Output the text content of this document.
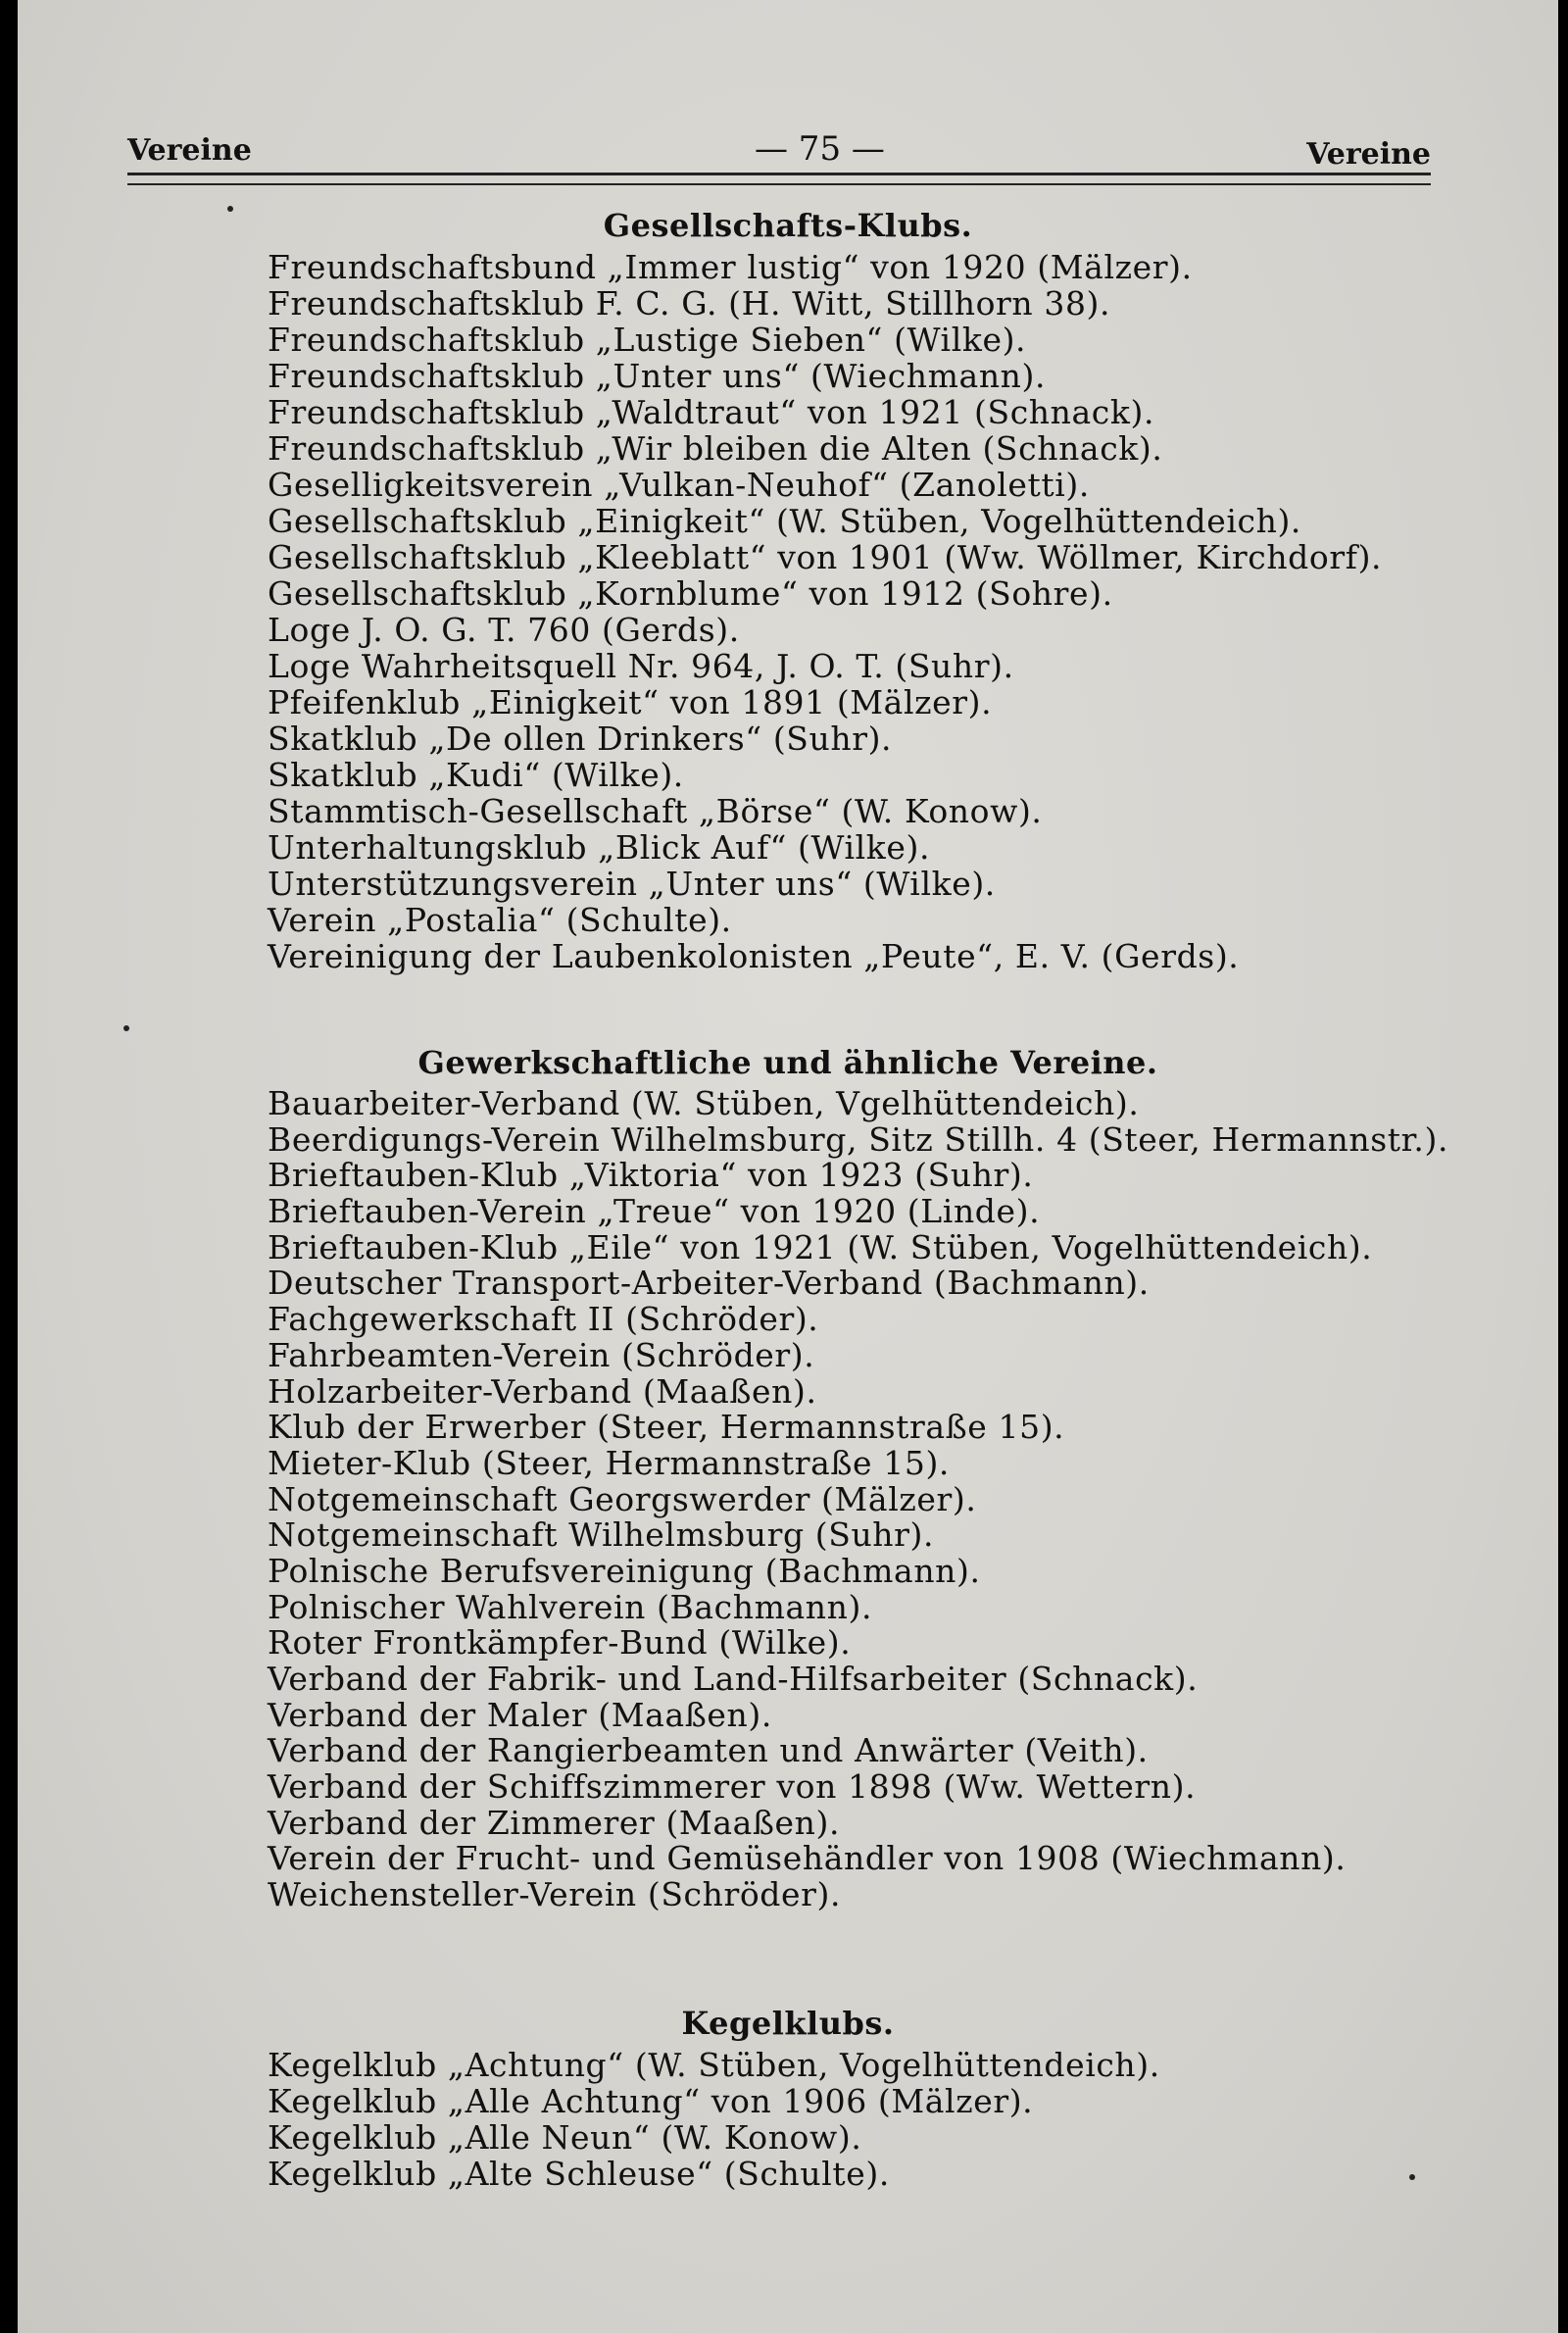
Vereine	— 75 —	Vereine
Gesellschafts-Klubs.
Freundschaftsbund „Immer lustig“ von 1920 (Mälzer).
Freundschaftsklub F. C. G. (H. Witt, Stillhorn 38).
Freundschaftsklub „Lustige Sieben“ (Wilke).
Freundschaftsklub „Unter uns“ (Wiechmann).
Freundschaftsklub „Waldtraut“ von 1921 (Schnack).
Freundschaftsklub „Wir bleiben die Alten (Schnack).
Geselligkeitsverein „Vulkan-Neuhof“ (Zanoletti).
Gesellschaftsklub „Einigkeit“ (W. Stüben, Vogelhüttendeich).
Gesellschaftsklub „Kleeblatt“ von 1901 (Ww. Wöllmer, Kirchdorf).
Gesellschaftsklub „Kornblume“ von 1912 (Sohre).
Loge J. O. G. T. 760 (Gerds).
Loge Wahrheitsquell Nr. 964, J. O. T. (Suhr).
Pfeifenklub „Einigkeit“ von 1891 (Mälzer).
Skatklub „De ollen Drinkers“ (Suhr).
Skatklub „Kudi“ (Wilke).
Stammtisch-Gesellschaft „Börse“ (W. Konow).
Unterhaltungsklub „Blick Auf“ (Wilke).
Unterstützungsverein „Unter uns“ (Wilke).
Verein „Postalia“ (Schulte).
Vereinigung der Laubenkolonisten „Peute“, E. V. (Gerds).
Gewerkschaftliche und ähnliche Vereine.
Bauarbeiter-Verband (W. Stüben, Vgelhüttendeich).
Beerdigungs-Verein Wilhelmsburg, Sitz Stillh. 4 (Steer, Hermannstr.).
Brieftauben-Klub „Viktoria“ von 1923 (Suhr).
Brieftauben-Verein „Treue“ von 1920 (Linde).
Brieftauben-Klub „Eile“ von 1921 (W. Stüben, Vogelhüttendeich).
Deutscher Transport-Arbeiter-Verband (Bachmann).
Fachgewerkschaft II (Schröder).
Fahrbeamten-Verein (Schröder).
Holzarbeiter-Verband (Maaßen).
Klub der Erwerber (Steer, Hermannstraße 15).
Mieter-Klub (Steer, Hermannstraße 15).
Notgemeinschaft Georgswerder (Mälzer).
Notgemeinschaft Wilhelmsburg (Suhr).
Polnische Berufsvereinigung (Bachmann).
Polnischer Wahlverein (Bachmann).
Roter Frontkämpfer-Bund (Wilke).
Verband der Fabrik- und Land-Hilfsarbeiter (Schnack).
Verband der Maler (Maaßen).
Verband der Rangierbeamten und Anwärter (Veith).
Verband der Schiffszimmerer von 1898 (Ww. Wettern).
Verband der Zimmerer (Maaßen).
Verein der Frucht- und Gemüsehändler von 1908 (Wiechmann).
Weichensteller-Verein (Schröder).
Kegelklubs.
Kegelklub „Achtung“ (W. Stüben, Vogelhüttendeich).
Kegelklub „Alle Achtung“ von 1906 (Mälzer).
Kegelklub „Alle Neun“ (W. Konow).
Kegelklub „Alte Schleuse“ (Schulte).
